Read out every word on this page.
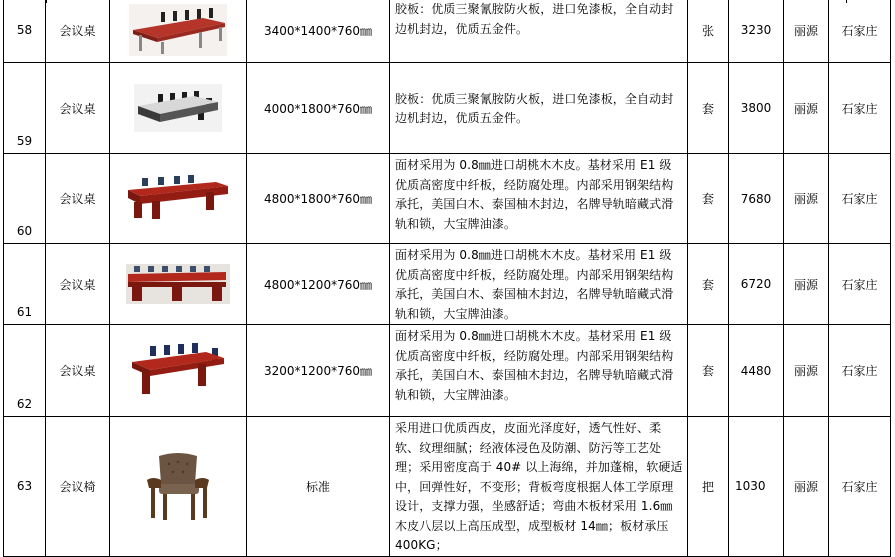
58	会议桌		3400*1400*760㎜	胶板：优质三聚氰胺防火板，进口免漆板，全自动封边机封边，优质五金件。	张	3230	丽源	石家庄
59	会议桌		4000*1800*760㎜	胶板：优质三聚氰胺防火板，进口免漆板，全自动封边机封边，优质五金件。	套	3800	丽源	石家庄
60	会议桌		4800*1800*760㎜	面材采用为 0.8㎜进口胡桃木木皮。基材采用 E1 级优质高密度中纤板，经防腐处理。内部采用钢架结构承托，美国白木、泰国柚木封边，名牌导轨暗藏式滑轨和锁，大宝牌油漆。	套	7680	丽源	石家庄
61	会议桌		4800*1200*760㎜	面材采用为 0.8㎜进口胡桃木木皮。基材采用 E1 级优质高密度中纤板，经防腐处理。内部采用钢架结构承托，美国白木、泰国柚木封边，名牌导轨暗藏式滑轨和锁，大宝牌油漆。	套	6720	丽源	石家庄
62	会议桌		3200*1200*760㎜	面材采用为 0.8㎜进口胡桃木木皮。基材采用 E1 级优质高密度中纤板，经防腐处理。内部采用钢架结构承托，美国白木、泰国柚木封边，名牌导轨暗藏式滑轨和锁，大宝牌油漆。	套	4480	丽源	石家庄
63	会议椅		标准	采用进口优质西皮，皮面光泽度好，透气性好、柔软、纹理细腻；经液体浸色及防潮、防污等工艺处理；采用密度高于 40# 以上海绵，并加蓬棉，软硬适中，回弹性好，不变形；背板弯度根据人体工学原理设计，支撑力强，坐感舒适；弯曲木板材采用 1.6㎜木皮八层以上高压成型，成型板材 14㎜；板材承压 400KG；	把	1030	丽源	石家庄
